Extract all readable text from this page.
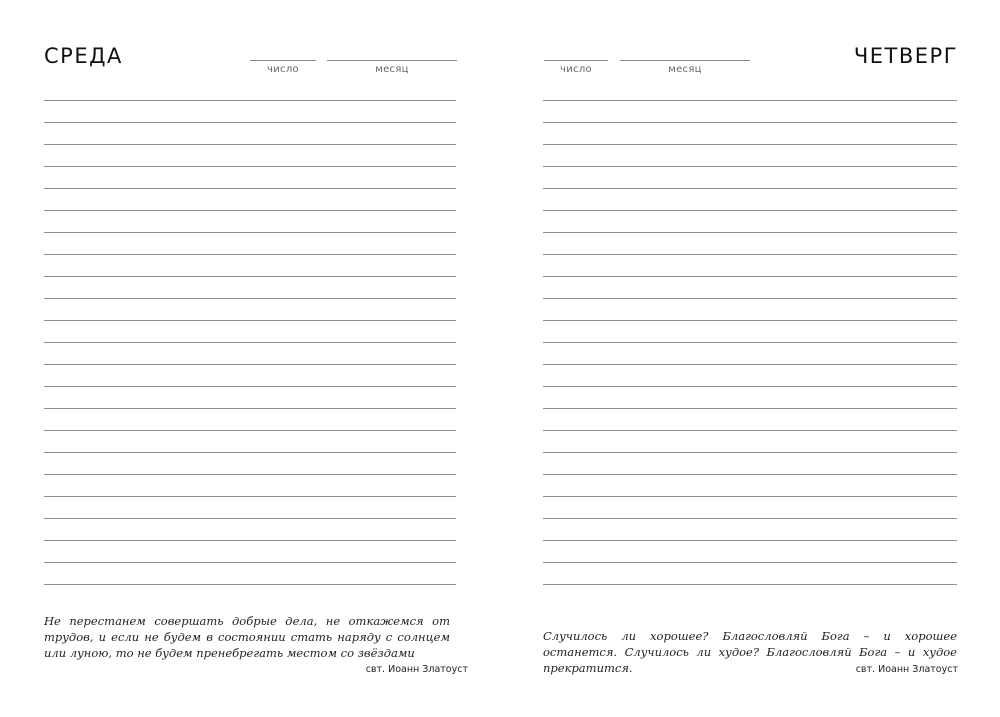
СРЕДА
число	месяц
Не перестанем совершать добрые дела, не откажемся от трудов, и если не будем в состоянии стать наряду с солнцем или луною, то не будем пренебрегать местом со звёздами
свт. Иоанн Златоуст
ЧЕТВЕРГ
число	месяц
Случилось ли хорошее? Благословляй Бога – и хорошее останется. Случилось ли худое? Благословляй Бога – и худое прекратится.	свт. Иоанн Златоуст
